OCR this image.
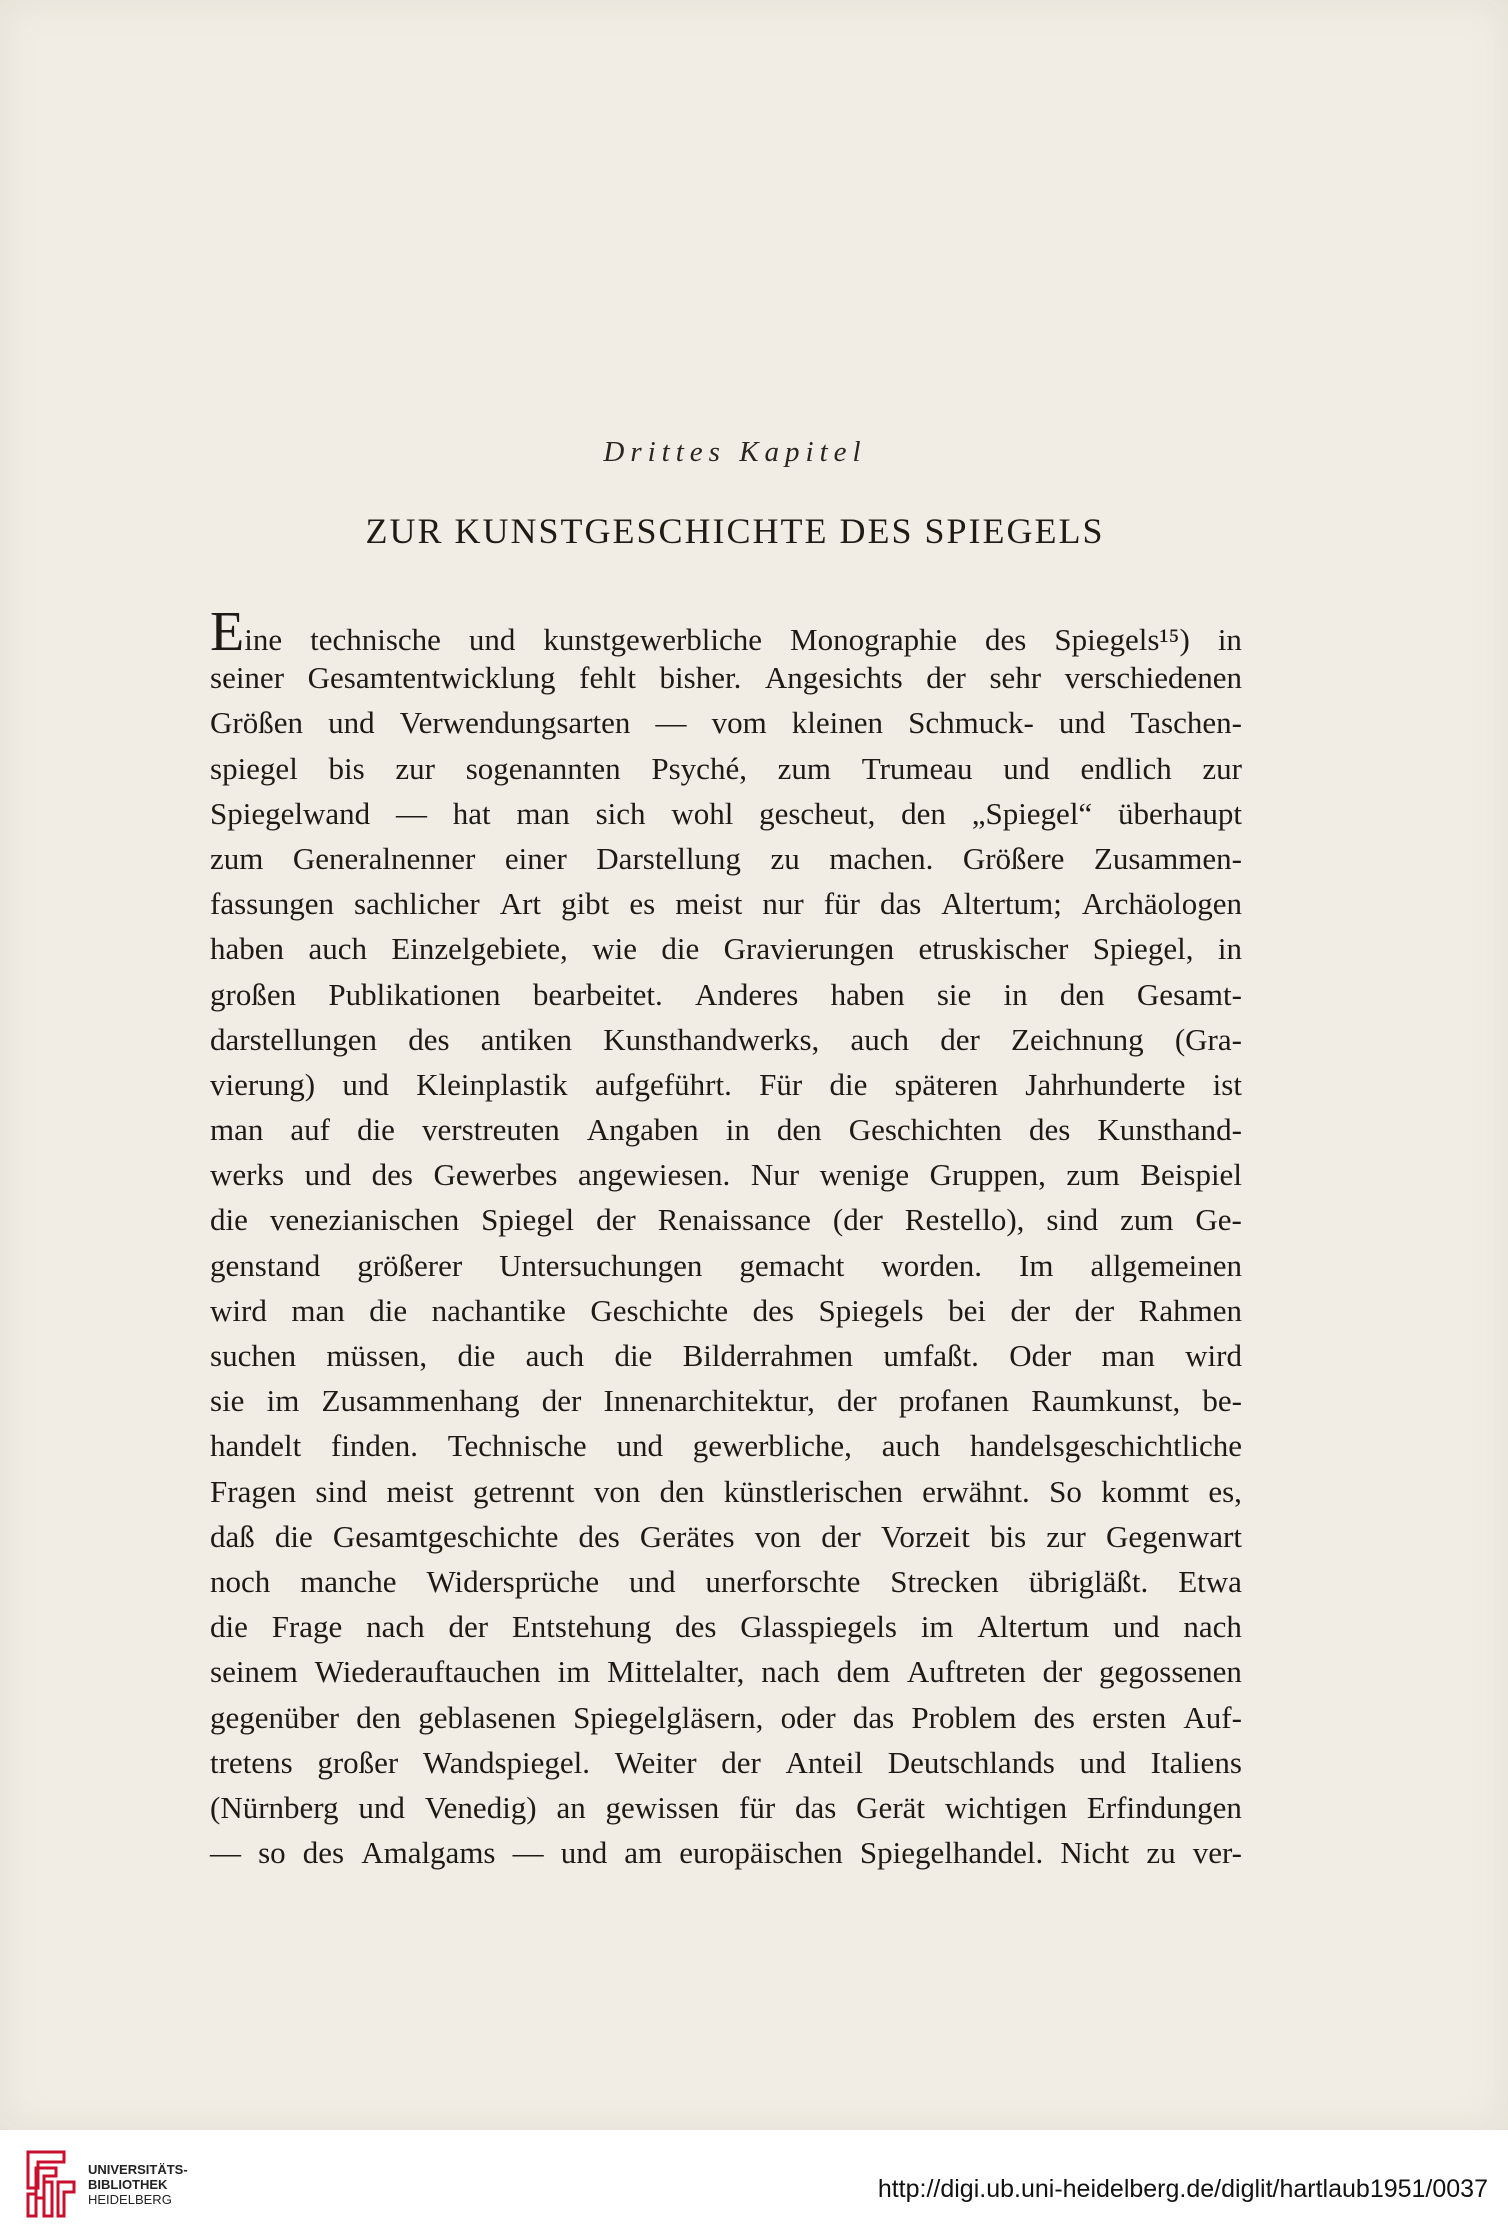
Drittes Kapitel
ZUR KUNSTGESCHICHTE DES SPIEGELS
Eine technische und kunstgewerbliche Monographie des Spiegels¹⁵) in
seiner Gesamtentwicklung fehlt bisher. Angesichts der sehr verschiedenen
Größen und Verwendungsarten — vom kleinen Schmuck- und Taschen-
spiegel bis zur sogenannten Psyché, zum Trumeau und endlich zur
Spiegelwand — hat man sich wohl gescheut, den „Spiegel“ überhaupt
zum Generalnenner einer Darstellung zu machen. Größere Zusammen-
fassungen sachlicher Art gibt es meist nur für das Altertum; Archäologen
haben auch Einzelgebiete, wie die Gravierungen etruskischer Spiegel, in
großen Publikationen bearbeitet. Anderes haben sie in den Gesamt-
darstellungen des antiken Kunsthandwerks, auch der Zeichnung (Gra-
vierung) und Kleinplastik aufgeführt. Für die späteren Jahrhunderte ist
man auf die verstreuten Angaben in den Geschichten des Kunsthand-
werks und des Gewerbes angewiesen. Nur wenige Gruppen, zum Beispiel
die venezianischen Spiegel der Renaissance (der Restello), sind zum Ge-
genstand größerer Untersuchungen gemacht worden. Im allgemeinen
wird man die nachantike Geschichte des Spiegels bei der der Rahmen
suchen müssen, die auch die Bilderrahmen umfaßt. Oder man wird
sie im Zusammenhang der Innenarchitektur, der profanen Raumkunst, be-
handelt finden. Technische und gewerbliche, auch handelsgeschichtliche
Fragen sind meist getrennt von den künstlerischen erwähnt. So kommt es,
daß die Gesamtgeschichte des Gerätes von der Vorzeit bis zur Gegenwart
noch manche Widersprüche und unerforschte Strecken übrigläßt. Etwa
die Frage nach der Entstehung des Glasspiegels im Altertum und nach
seinem Wiederauftauchen im Mittelalter, nach dem Auftreten der gegossenen
gegenüber den geblasenen Spiegelgläsern, oder das Problem des ersten Auf-
tretens großer Wandspiegel. Weiter der Anteil Deutschlands und Italiens
(Nürnberg und Venedig) an gewissen für das Gerät wichtigen Erfindungen
— so des Amalgams — und am europäischen Spiegelhandel. Nicht zu ver-
UNIVERSITÄTS-
BIBLIOTHEK
HEIDELBERG	http://digi.ub.uni-heidelberg.de/diglit/hartlaub1951/0037
